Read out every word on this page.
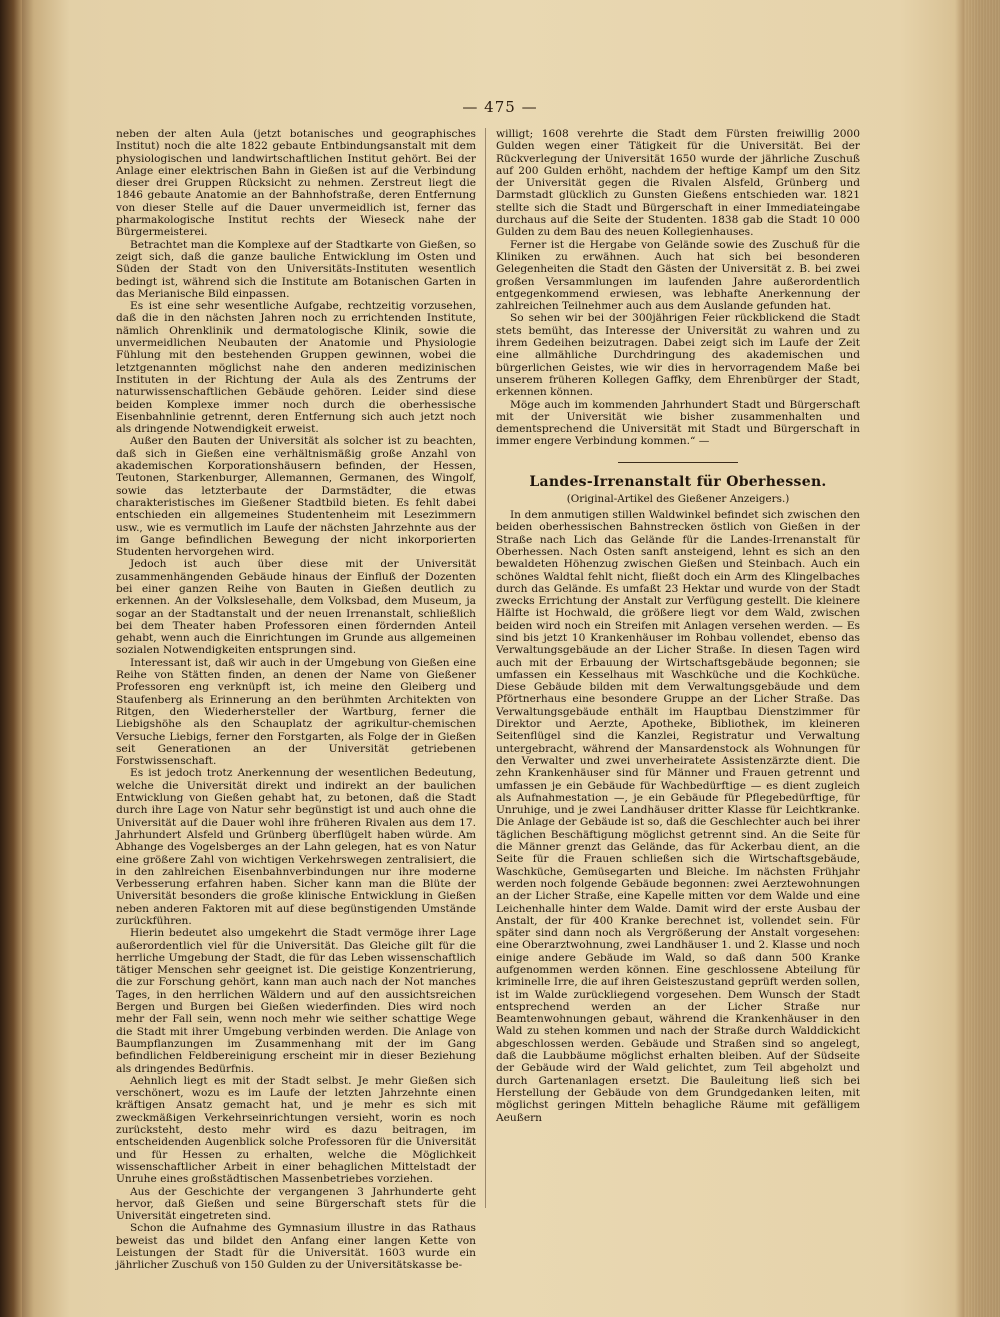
— 475 —

neben der alten Aula (jetzt botanisches und geographisches Institut) noch die alte 1822 gebaute Entbindungsanstalt mit dem physiologischen und landwirtschaftlichen Institut gehört. Bei der Anlage einer elektrischen Bahn in Gießen ist auf die Verbindung dieser drei Gruppen Rücksicht zu nehmen. Zerstreut liegt die 1846 gebaute Anatomie an der Bahnhofstraße, deren Entfernung von dieser Stelle auf die Dauer unvermeidlich ist, ferner das pharmakologische Institut rechts der Wieseck nahe der Bürgermeisterei.

Betrachtet man die Komplexe auf der Stadtkarte von Gießen, so zeigt sich, daß die ganze bauliche Entwicklung im Osten und Süden der Stadt von den Universitäts-Instituten wesentlich bedingt ist, während sich die Institute am Botanischen Garten in das Merianische Bild einpassen.

Es ist eine sehr wesentliche Aufgabe, rechtzeitig vorzusehen, daß die in den nächsten Jahren noch zu errichtenden Institute, nämlich Ohrenklinik und dermatologische Klinik, sowie die unvermeidlichen Neubauten der Anatomie und Physiologie Fühlung mit den bestehenden Gruppen gewinnen, wobei die letztgenannten möglichst nahe den anderen medizinischen Instituten in der Richtung der Aula als des Zentrums der naturwissenschaftlichen Gebäude gehören. Leider sind diese beiden Komplexe immer noch durch die oberhessische Eisenbahnlinie getrennt, deren Entfernung sich auch jetzt noch als dringende Notwendigkeit erweist.

Außer den Bauten der Universität als solcher ist zu beachten, daß sich in Gießen eine verhältnismäßig große Anzahl von akademischen Korporationshäusern befinden, der Hessen, Teutonen, Starkenburger, Allemannen, Germanen, des Wingolf, sowie das letzterbaute der Darmstädter, die etwas charakteristisches im Gießener Stadtbild bieten. Es fehlt dabei entschieden ein allgemeines Studentenheim mit Lesezimmern usw., wie es vermutlich im Laufe der nächsten Jahrzehnte aus der im Gange befindlichen Bewegung der nicht inkorporierten Studenten hervorgehen wird.

Jedoch ist auch über diese mit der Universität zusammenhängenden Gebäude hinaus der Einfluß der Dozenten bei einer ganzen Reihe von Bauten in Gießen deutlich zu erkennen. An der Volkslesehalle, dem Volksbad, dem Museum, ja sogar an der Stadtanstalt und der neuen Irrenanstalt, schließlich bei dem Theater haben Professoren einen fördernden Anteil gehabt, wenn auch die Einrichtungen im Grunde aus allgemeinen sozialen Notwendigkeiten entsprungen sind.

Interessant ist, daß wir auch in der Umgebung von Gießen eine Reihe von Stätten finden, an denen der Name von Gießener Professoren eng verknüpft ist, ich meine den Gleiberg und Staufenberg als Erinnerung an den berühmten Architekten von Ritgen, den Wiederhersteller der Wartburg, ferner die Liebigshöhe als den Schauplatz der agrikultur-chemischen Versuche Liebigs, ferner den Forstgarten, als Folge der in Gießen seit Generationen an der Universität getriebenen Forstwissenschaft.

Es ist jedoch trotz Anerkennung der wesentlichen Bedeutung, welche die Universität direkt und indirekt an der baulichen Entwicklung von Gießen gehabt hat, zu betonen, daß die Stadt durch ihre Lage von Natur sehr begünstigt ist und auch ohne die Universität auf die Dauer wohl ihre früheren Rivalen aus dem 17. Jahrhundert Alsfeld und Grünberg überflügelt haben würde. Am Abhange des Vogelsberges an der Lahn gelegen, hat es von Natur eine größere Zahl von wichtigen Verkehrswegen zentralisiert, die in den zahlreichen Eisenbahnverbindungen nur ihre moderne Verbesserung erfahren haben. Sicher kann man die Blüte der Universität besonders die große klinische Entwicklung in Gießen neben anderen Faktoren mit auf diese begünstigenden Umstände zurückführen.

Hierin bedeutet also umgekehrt die Stadt vermöge ihrer Lage außerordentlich viel für die Universität. Das Gleiche gilt für die herrliche Umgebung der Stadt, die für das Leben wissenschaftlich tätiger Menschen sehr geeignet ist. Die geistige Konzentrierung, die zur Forschung gehört, kann man auch nach der Not manches Tages, in den herrlichen Wäldern und auf den aussichtsreichen Bergen und Burgen bei Gießen wiederfinden. Dies wird noch mehr der Fall sein, wenn noch mehr wie seither schattige Wege die Stadt mit ihrer Umgebung verbinden werden. Die Anlage von Baumpflanzungen im Zusammenhang mit der im Gang befindlichen Feldbereinigung erscheint mir in dieser Beziehung als dringendes Bedürfnis.

Aehnlich liegt es mit der Stadt selbst. Je mehr Gießen sich verschönert, wozu es im Laufe der letzten Jahrzehnte einen kräftigen Ansatz gemacht hat, und je mehr es sich mit zweckmäßigen Verkehrseinrichtungen versieht, worin es noch zurücksteht, desto mehr wird es dazu beitragen, im entscheidenden Augenblick solche Professoren für die Universität und für Hessen zu erhalten, welche die Möglichkeit wissenschaftlicher Arbeit in einer behaglichen Mittelstadt der Unruhe eines großstädtischen Massenbetriebes vorziehen.

Aus der Geschichte der vergangenen 3 Jahrhunderte geht hervor, daß Gießen und seine Bürgerschaft stets für die Universität eingetreten sind.

Schon die Aufnahme des Gymnasium illustre in das Rathaus beweist das und bildet den Anfang einer langen Kette von Leistungen der Stadt für die Universität. 1603 wurde ein jährlicher Zuschuß von 150 Gulden zu der Universitätskasse be-

willigt; 1608 verehrte die Stadt dem Fürsten freiwillig 2000 Gulden wegen einer Tätigkeit für die Universität. Bei der Rückverlegung der Universität 1650 wurde der jährliche Zuschuß auf 200 Gulden erhöht, nachdem der heftige Kampf um den Sitz der Universität gegen die Rivalen Alsfeld, Grünberg und Darmstadt glücklich zu Gunsten Gießens entschieden war. 1821 stellte sich die Stadt und Bürgerschaft in einer Immediateingabe durchaus auf die Seite der Studenten. 1838 gab die Stadt 10 000 Gulden zu dem Bau des neuen Kollegienhauses.

Ferner ist die Hergabe von Gelände sowie des Zuschuß für die Kliniken zu erwähnen. Auch hat sich bei besonderen Gelegenheiten die Stadt den Gästen der Universität z. B. bei zwei großen Versammlungen im laufenden Jahre außerordentlich entgegenkommend erwiesen, was lebhafte Anerkennung der zahlreichen Teilnehmer auch aus dem Auslande gefunden hat.

So sehen wir bei der 300jährigen Feier rückblickend die Stadt stets bemüht, das Interesse der Universität zu wahren und zu ihrem Gedeihen beizutragen. Dabei zeigt sich im Laufe der Zeit eine allmähliche Durchdringung des akademischen und bürgerlichen Geistes, wie wir dies in hervorragendem Maße bei unserem früheren Kollegen Gaffky, dem Ehrenbürger der Stadt, erkennen können.

Möge auch im kommenden Jahrhundert Stadt und Bürgerschaft mit der Universität wie bisher zusammenhalten und dementsprechend die Universität mit Stadt und Bürgerschaft in immer engere Verbindung kommen.“ —

Landes-Irrenanstalt für Oberhessen.
(Original-Artikel des Gießener Anzeigers.)

In dem anmutigen stillen Waldwinkel befindet sich zwischen den beiden oberhessischen Bahnstrecken östlich von Gießen in der Straße nach Lich das Gelände für die Landes-Irrenanstalt für Oberhessen. Nach Osten sanft ansteigend, lehnt es sich an den bewaldeten Höhenzug zwischen Gießen und Steinbach. Auch ein schönes Waldtal fehlt nicht, fließt doch ein Arm des Klingelbaches durch das Gelände. Es umfaßt 23 Hektar und wurde von der Stadt zwecks Errichtung der Anstalt zur Verfügung gestellt. Die kleinere Hälfte ist Hochwald, die größere liegt vor dem Wald, zwischen beiden wird noch ein Streifen mit Anlagen versehen werden. — Es sind bis jetzt 10 Krankenhäuser im Rohbau vollendet, ebenso das Verwaltungsgebäude an der Licher Straße. In diesen Tagen wird auch mit der Erbauung der Wirtschaftsgebäude begonnen; sie umfassen ein Kesselhaus mit Waschküche und die Kochküche. Diese Gebäude bilden mit dem Verwaltungsgebäude und dem Pförtnerhaus eine besondere Gruppe an der Licher Straße. Das Verwaltungsgebäude enthält im Hauptbau Dienstzimmer für Direktor und Aerzte, Apotheke, Bibliothek, im kleineren Seitenflügel sind die Kanzlei, Registratur und Verwaltung untergebracht, während der Mansardenstock als Wohnungen für den Verwalter und zwei unverheiratete Assistenzärzte dient. Die zehn Krankenhäuser sind für Männer und Frauen getrennt und umfassen je ein Gebäude für Wachbedürftige — es dient zugleich als Aufnahmestation —, je ein Gebäude für Pflegebedürftige, für Unruhige, und je zwei Landhäuser dritter Klasse für Leichtkranke. Die Anlage der Gebäude ist so, daß die Geschlechter auch bei ihrer täglichen Beschäftigung möglichst getrennt sind. An die Seite für die Männer grenzt das Gelände, das für Ackerbau dient, an die Seite für die Frauen schließen sich die Wirtschaftsgebäude, Waschküche, Gemüsegarten und Bleiche. Im nächsten Frühjahr werden noch folgende Gebäude begonnen: zwei Aerztewohnungen an der Licher Straße, eine Kapelle mitten vor dem Walde und eine Leichenhalle hinter dem Walde. Damit wird der erste Ausbau der Anstalt, der für 400 Kranke berechnet ist, vollendet sein. Für später sind dann noch als Vergrößerung der Anstalt vorgesehen: eine Oberarztwohnung, zwei Landhäuser 1. und 2. Klasse und noch einige andere Gebäude im Wald, so daß dann 500 Kranke aufgenommen werden können. Eine geschlossene Abteilung für kriminelle Irre, die auf ihren Geisteszustand geprüft werden sollen, ist im Walde zurückliegend vorgesehen. Dem Wunsch der Stadt entsprechend werden an der Licher Straße nur Beamtenwohnungen gebaut, während die Krankenhäuser in den Wald zu stehen kommen und nach der Straße durch Walddickicht abgeschlossen werden. Gebäude und Straßen sind so angelegt, daß die Laubbäume möglichst erhalten bleiben. Auf der Südseite der Gebäude wird der Wald gelichtet, zum Teil abgeholzt und durch Gartenanlagen ersetzt. Die Bauleitung ließ sich bei Herstellung der Gebäude von dem Grundgedanken leiten, mit möglichst geringen Mitteln behagliche Räume mit gefälligem Aeußern
